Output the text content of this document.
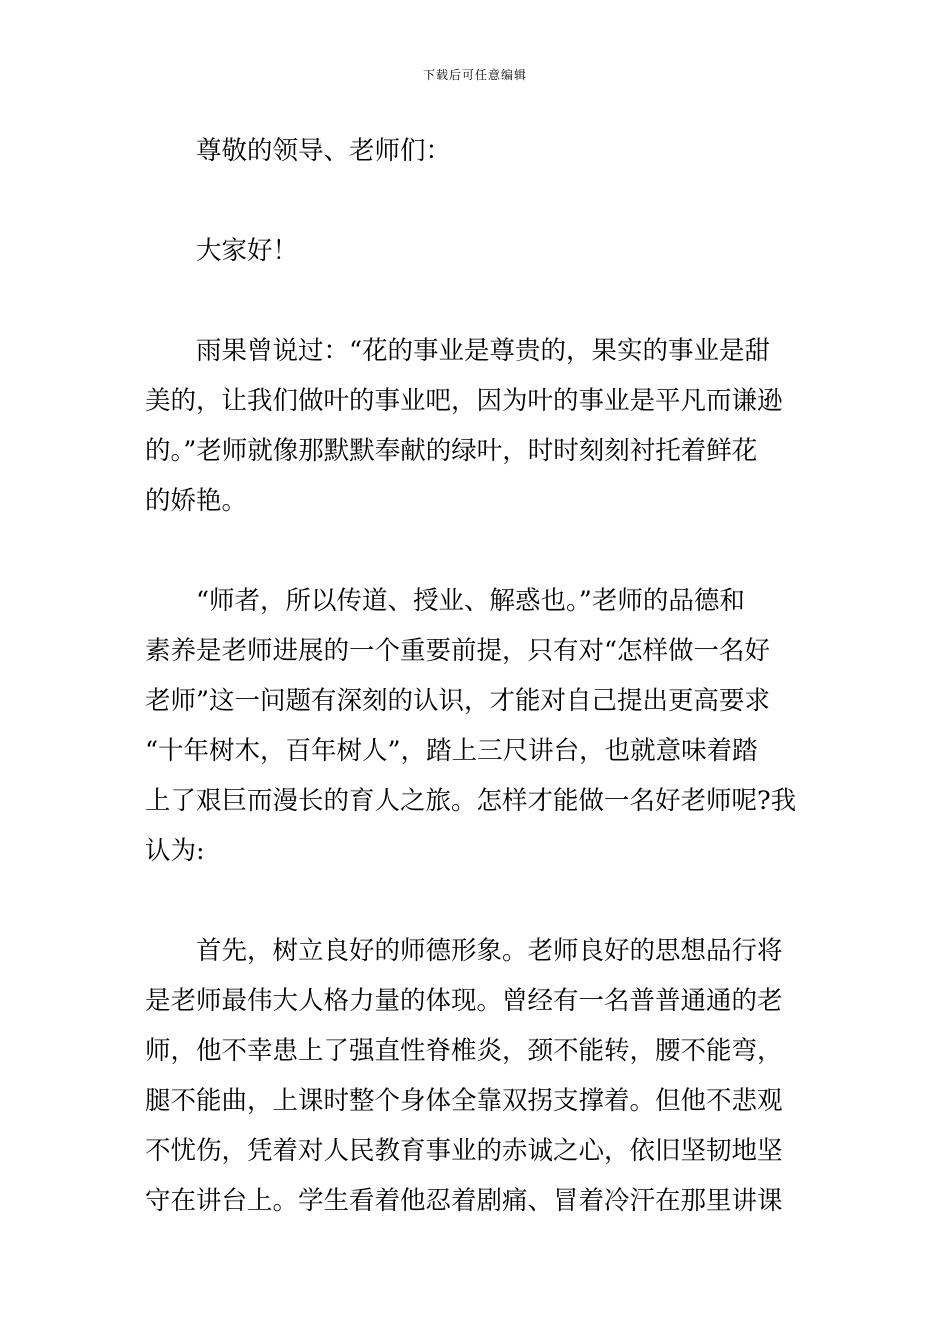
下载后可任意编辑
尊敬的领导、老师们：
大家好！
雨果曾说过：“花的事业是尊贵的，果实的事业是甜
美的，让我们做叶的事业吧，因为叶的事业是平凡而谦逊
的。”老师就像那默默奉献的绿叶，时时刻刻衬托着鲜花
的娇艳。
“师者，所以传道、授业、解惑也。”老师的品德和
素养是老师进展的一个重要前提，只有对“怎样做一名好
老师”这一问题有深刻的认识，才能对自己提出更高要求
“十年树木，百年树人”，踏上三尺讲台，也就意味着踏
上了艰巨而漫长的育人之旅。怎样才能做一名好老师呢?我
认为:
首先，树立良好的师德形象。老师良好的思想品行将
是老师最伟大人格力量的体现。曾经有一名普普通通的老
师，他不幸患上了强直性脊椎炎，颈不能转，腰不能弯，
腿不能曲，上课时整个身体全靠双拐支撑着。但他不悲观
不忧伤，凭着对人民教育事业的赤诚之心，依旧坚韧地坚
守在讲台上。学生看着他忍着剧痛、冒着冷汗在那里讲课
